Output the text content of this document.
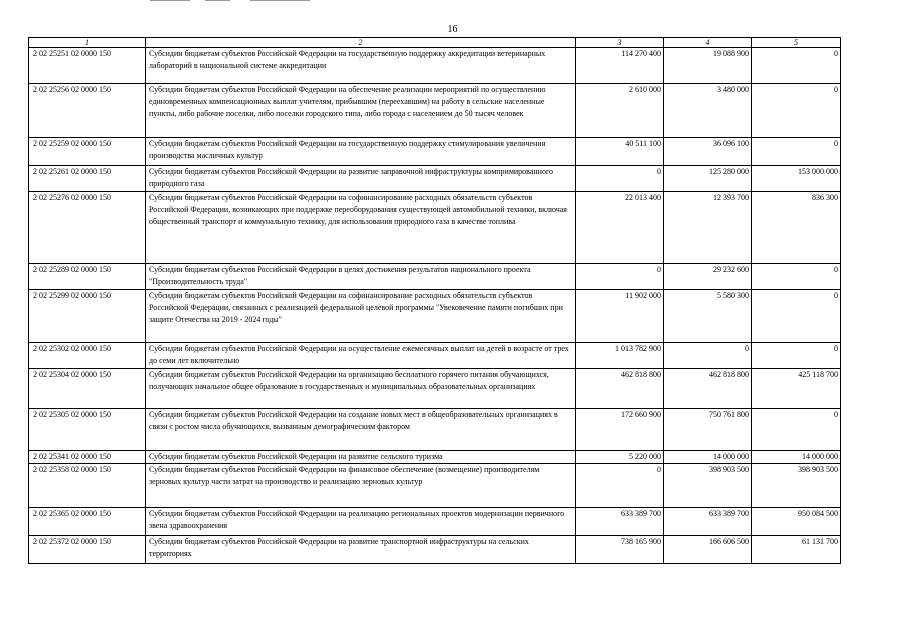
16
1	2	3	4	5
2 02 25251 02 0000 150	Субсидии бюджетам субъектов Российской Федерации на государственную поддержку аккредитации ветеринарных лабораторий в национальной системе аккредитации	114 270 400	19 088 900	0
2 02 25256 02 0000 150	Субсидии бюджетам субъектов Российской Федерации на обеспечение реализации мероприятий по осуществлению единовременных компенсационных выплат учителям, прибывшим (переехавшим) на работу в сельские населенные пункты, либо рабочие поселки, либо поселки городского типа, либо города с населением до 50 тысяч человек	2 610 000	3 480 000	0
2 02 25259 02 0000 150	Субсидии бюджетам субъектов Российской Федерации на государственную поддержку стимулирования увеличения производства масличных культур	40 511 100	36 096 100	0
2 02 25261 02 0000 150	Субсидии бюджетам субъектов Российской Федерации на развитие заправочной инфраструктуры компримированного природного газа	0	125 280 000	153 000 000
2 02 25276 02 0000 150	Субсидии бюджетам субъектов Российской Федерации на софинансирование расходных обязательств субъектов Российской Федерации, возникающих при поддержке переоборудования существующей автомобильной техники, включая общественный транспорт и коммунальную технику, для использования природного газа в качестве топлива	22 013 400	12 393 700	836 300
2 02 25289 02 0000 150	Субсидии бюджетам субъектов Российской Федерации в целях достижения результатов национального проекта "Производительность труда"	0	29 232 600	0
2 02 25299 02 0000 150	Субсидии бюджетам субъектов Российской Федерации на софинансирование расходных обязательств субъектов Российской Федерации, связанных с реализацией федеральной целевой программы "Увековечение памяти погибших при защите Отечества на 2019 - 2024 годы"	11 902 000	5 580 300	0
2 02 25302 02 0000 150	Субсидии бюджетам субъектов Российской Федерации на осуществление ежемесячных выплат на детей в возрасте от трех до семи лет включительно	1 013 782 900	0	0
2 02 25304 02 0000 150	Субсидии бюджетам субъектов Российской Федерации на организацию бесплатного горячего питания обучающихся, получающих начальное общее образование в государственных и муниципальных образовательных организациях	462 818 800	462 818 800	425 118 700
2 02 25305 02 0000 150	Субсидии бюджетам субъектов Российской Федерации на создание новых мест в общеобразовательных организациях в связи с ростом числа обучающихся, вызванным демографическим фактором	172 660 900	750 761 800	0
2 02 25341 02 0000 150	Субсидии бюджетам субъектов Российской Федерации на развитие сельского туризма	5 220 000	14 000 000	14 000 000
2 02 25358 02 0000 150	Субсидии бюджетам субъектов Российской Федерации на финансовое обеспечение (возмещение) производителям зерновых культур части затрат на производство и реализацию зерновых культур	0	398 903 500	398 903 500
2 02 25365 02 0000 150	Субсидии бюджетам субъектов Российской Федерации на реализацию региональных проектов модернизации первичного звена здравоохранения	633 389 700	633 389 700	950 084 500
2 02 25372 02 0000 150	Субсидии бюджетам субъектов Российской Федерации на развитие транспортной инфраструктуры на сельских территориях	738 165 900	166 606 500	61 131 700
